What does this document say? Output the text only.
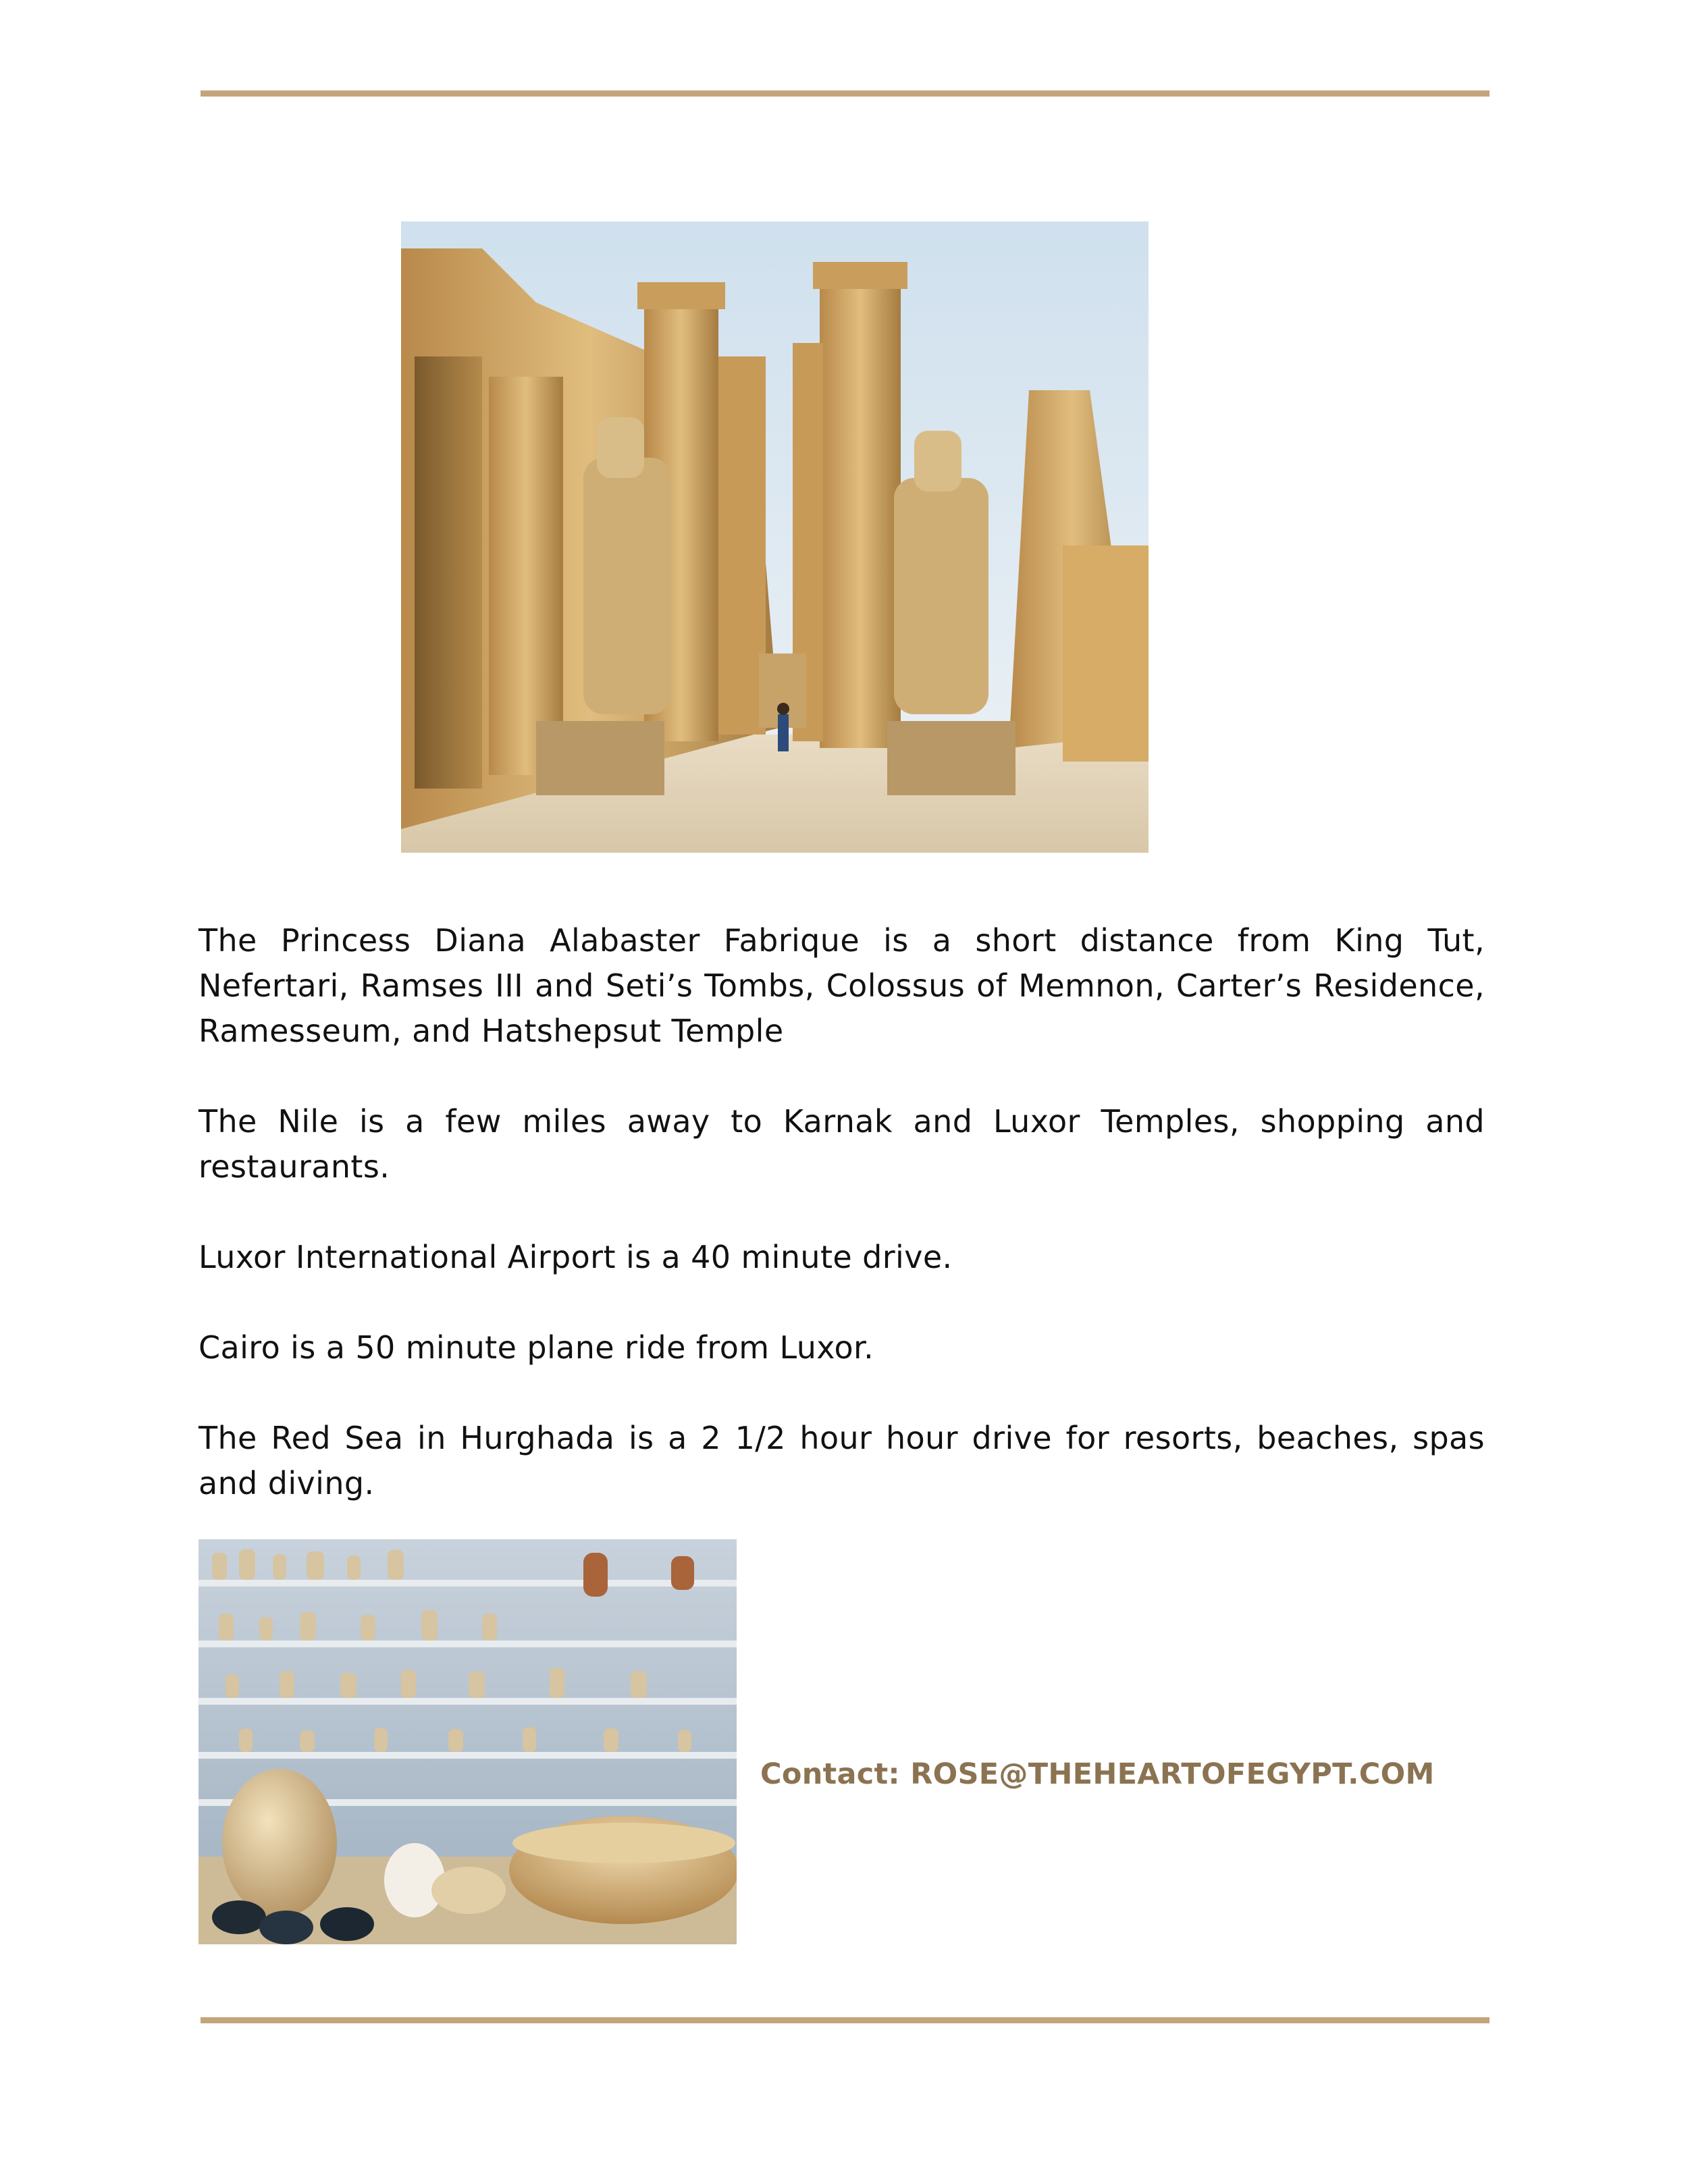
The Princess Diana Alabaster Fabrique is a short distance from King Tut, Nefertari, Ramses III and Seti’s Tombs, Colossus of Memnon, Carter’s Residence, Ramesseum, and Hatshepsut Temple

The Nile is a few miles away to Karnak and Luxor Temples, shopping and restaurants.

Luxor International Airport is a 40 minute drive.

Cairo is a 50 minute plane ride from Luxor.

The Red Sea in Hurghada is a 2 1/2 hour hour drive for resorts, beaches, spas and diving.

Contact: ROSE@THEHEARTOFEGYPT.COM
